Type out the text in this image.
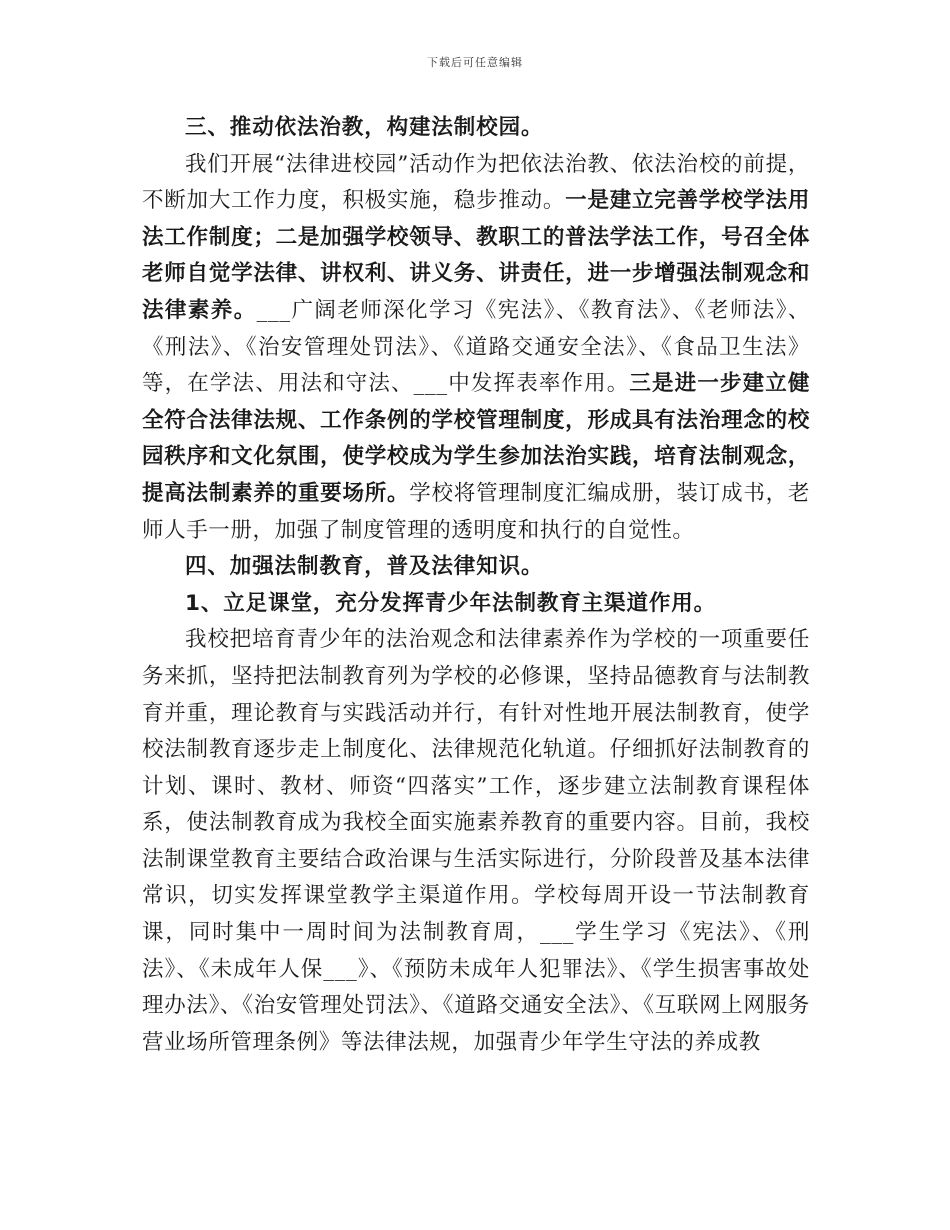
下载后可任意编辑

三、推动依法治教，构建法制校园。

我们开展“法律进校园”活动作为把依法治教、依法治校的前提，不断加大工作力度，积极实施，稳步推动。一是建立完善学校学法用法工作制度；二是加强学校领导、教职工的普法学法工作，号召全体老师自觉学法律、讲权利、讲义务、讲责任，进一步增强法制观念和法律素养。___广阔老师深化学习《宪法》、《教育法》、《老师法》、《刑法》、《治安管理处罚法》、《道路交通安全法》、《食品卫生法》等，在学法、用法和守法、___中发挥表率作用。三是进一步建立健全符合法律法规、工作条例的学校管理制度，形成具有法治理念的校园秩序和文化氛围，使学校成为学生参加法治实践，培育法制观念，提高法制素养的重要场所。学校将管理制度汇编成册，装订成书，老师人手一册，加强了制度管理的透明度和执行的自觉性。

四、加强法制教育，普及法律知识。

1、立足课堂，充分发挥青少年法制教育主渠道作用。

我校把培育青少年的法治观念和法律素养作为学校的一项重要任务来抓，坚持把法制教育列为学校的必修课，坚持品德教育与法制教育并重，理论教育与实践活动并行，有针对性地开展法制教育，使学校法制教育逐步走上制度化、法律规范化轨道。仔细抓好法制教育的计划、课时、教材、师资“四落实”工作，逐步建立法制教育课程体系，使法制教育成为我校全面实施素养教育的重要内容。目前，我校法制课堂教育主要结合政治课与生活实际进行，分阶段普及基本法律常识，切实发挥课堂教学主渠道作用。学校每周开设一节法制教育课，同时集中一周时间为法制教育周，___学生学习《宪法》、《刑法》、《未成年人保___》、《预防未成年人犯罪法》、《学生损害事故处理办法》、《治安管理处罚法》、《道路交通安全法》、《互联网上网服务营业场所管理条例》等法律法规，加强青少年学生守法的养成教
